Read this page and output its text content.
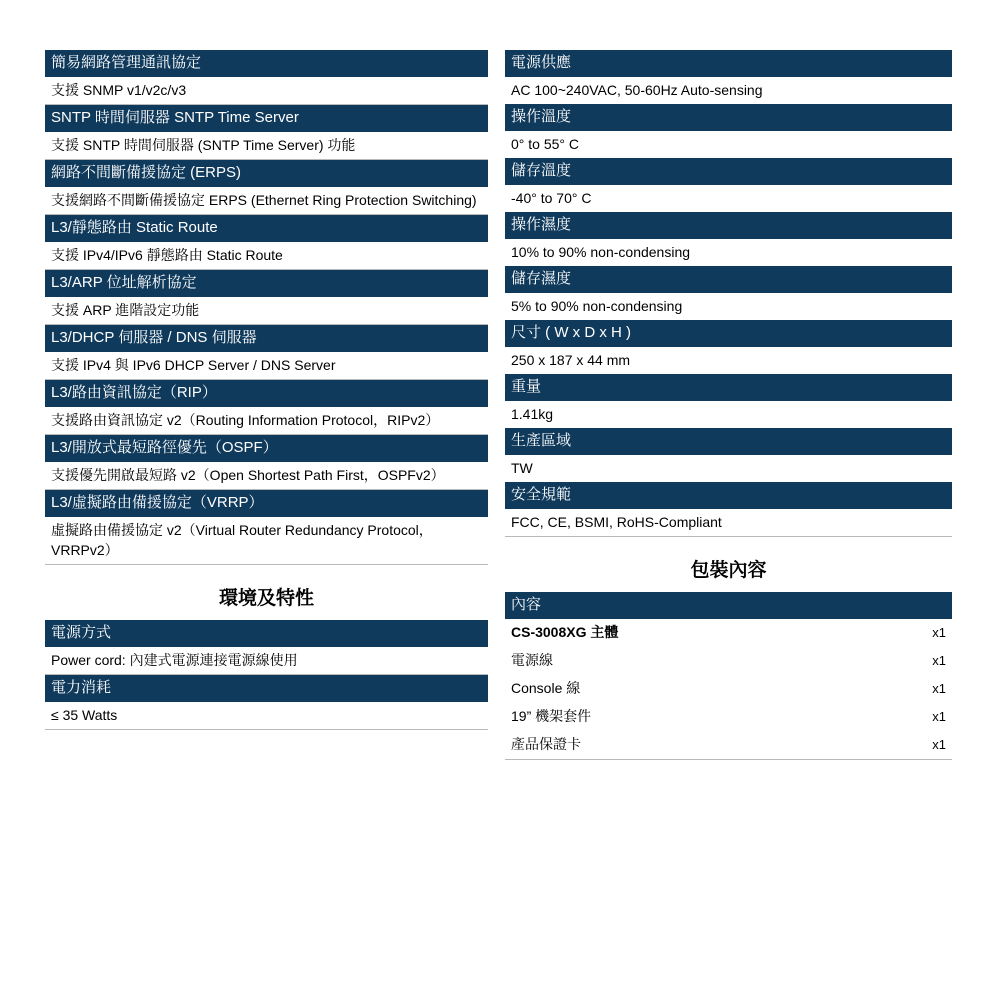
簡易網路管理通訊協定
支援 SNMP v1/v2c/v3
SNTP 時間伺服器 SNTP Time Server
支援 SNTP 時間伺服器 (SNTP Time Server) 功能
網路不間斷備援協定 (ERPS)
支援網路不間斷備援協定 ERPS (Ethernet Ring Protection Switching)
L3/靜態路由 Static Route
支援 IPv4/IPv6 靜態路由 Static Route
L3/ARP 位址解析協定
支援 ARP 進階設定功能
L3/DHCP 伺服器 / DNS 伺服器
支援 IPv4 與 IPv6 DHCP Server / DNS Server
L3/路由資訊協定（RIP）
支援路由資訊協定 v2（Routing Information Protocol，RIPv2）
L3/開放式最短路徑優先（OSPF）
支援優先開啟最短路 v2（Open Shortest Path First，OSPFv2）
L3/虛擬路由備援協定（VRRP）
虛擬路由備援協定 v2（Virtual Router Redundancy Protocol，VRRPv2）
環境及特性
電源方式
Power cord: 內建式電源連接電源線使用
電力消耗
≤ 35 Watts
電源供應
AC 100~240VAC, 50-60Hz Auto-sensing
操作溫度
0° to 55° C
儲存溫度
-40° to 70° C
操作濕度
10% to 90% non-condensing
儲存濕度
5% to 90% non-condensing
尺寸 ( W x D x H )
250 x 187 x 44 mm
重量
1.41kg
生產區域
TW
安全規範
FCC, CE, BSMI, RoHS-Compliant
包裝內容
內容
CS-3008XG 主體	x1
電源線	x1
Console 線	x1
19” 機架套件	x1
產品保證卡	x1
